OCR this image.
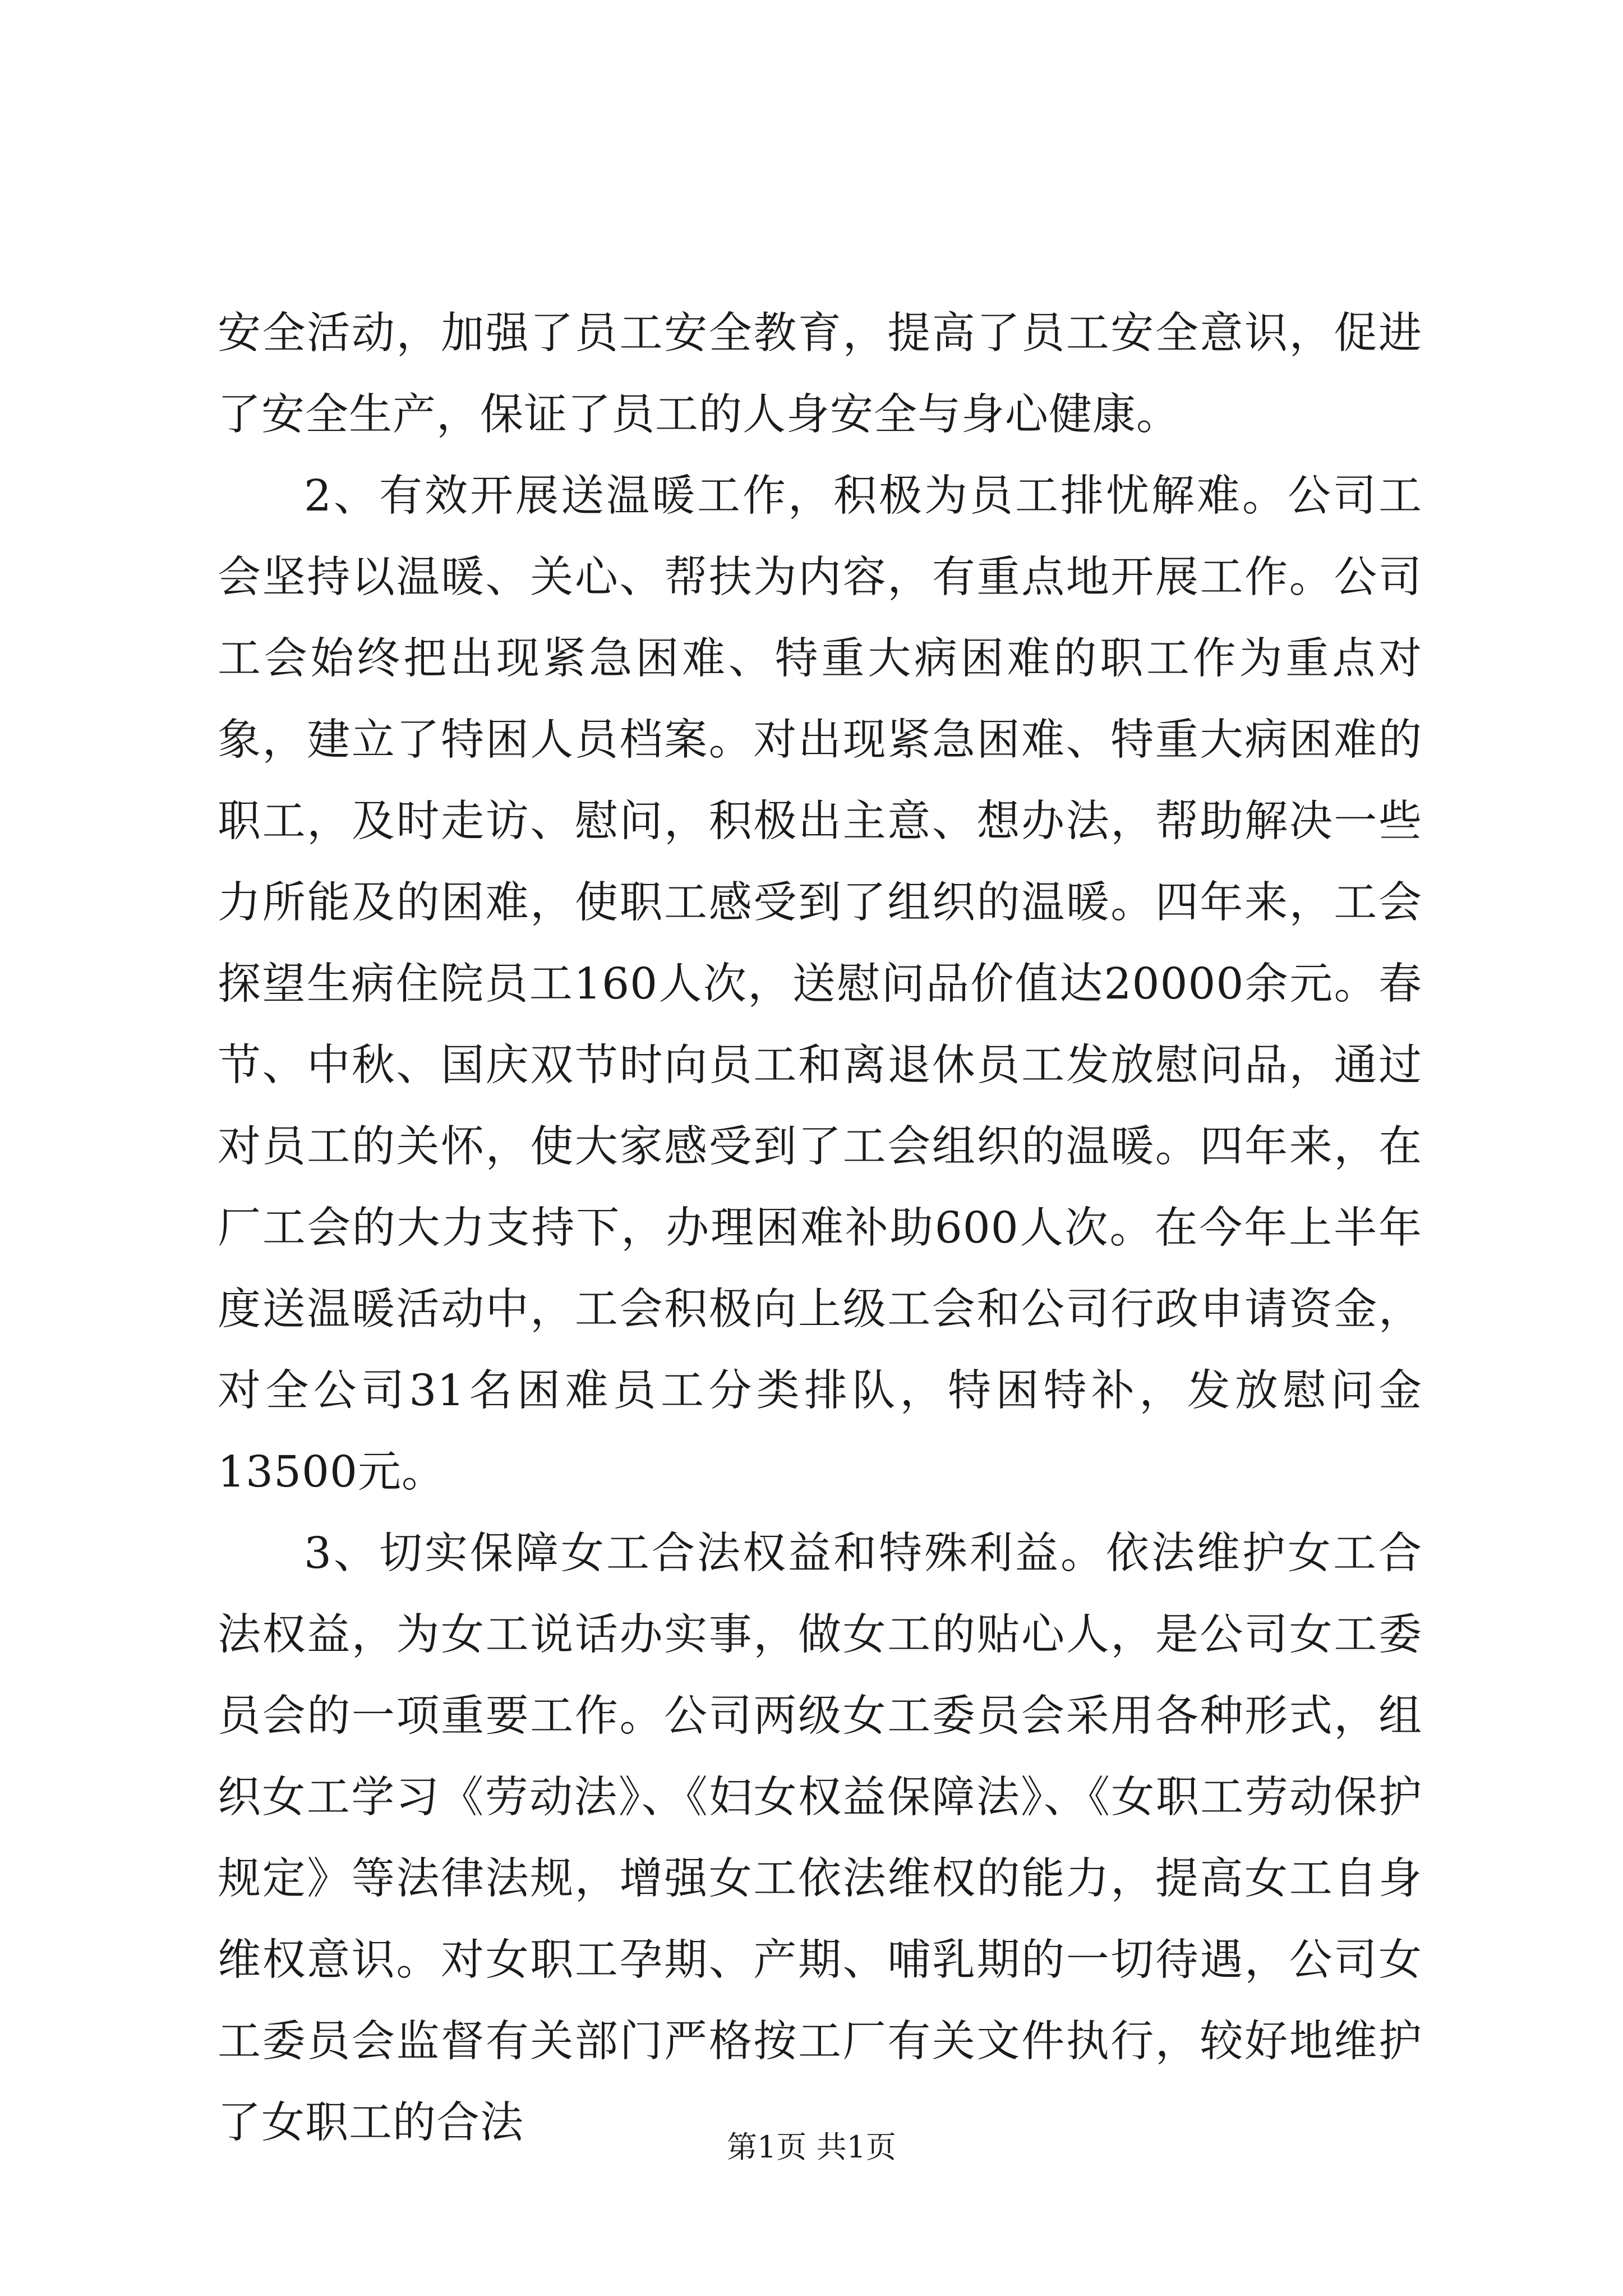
安全活动，加强了员工安全教育，提高了员工安全意识，促进了安全生产，保证了员工的人身安全与身心健康。

2、有效开展送温暖工作，积极为员工排忧解难。公司工会坚持以温暖、关心、帮扶为内容，有重点地开展工作。公司工会始终把出现紧急困难、特重大病困难的职工作为重点对象，建立了特困人员档案。对出现紧急困难、特重大病困难的职工，及时走访、慰问，积极出主意、想办法，帮助解决一些力所能及的困难，使职工感受到了组织的温暖。四年来，工会探望生病住院员工160人次，送慰问品价值达20000余元。春节、中秋、国庆双节时向员工和离退休员工发放慰问品，通过对员工的关怀，使大家感受到了工会组织的温暖。四年来，在厂工会的大力支持下，办理困难补助600人次。在今年上半年度送温暖活动中，工会积极向上级工会和公司行政申请资金，对全公司31名困难员工分类排队，特困特补，发放慰问金13500元。

3、切实保障女工合法权益和特殊利益。依法维护女工合法权益，为女工说话办实事，做女工的贴心人，是公司女工委员会的一项重要工作。公司两级女工委员会采用各种形式，组织女工学习《劳动法》、《妇女权益保障法》、《女职工劳动保护规定》等法律法规，增强女工依法维权的能力，提高女工自身维权意识。对女职工孕期、产期、哺乳期的一切待遇，公司女工委员会监督有关部门严格按工厂有关文件执行，较好地维护了女职工的合法	第1页 共1页
